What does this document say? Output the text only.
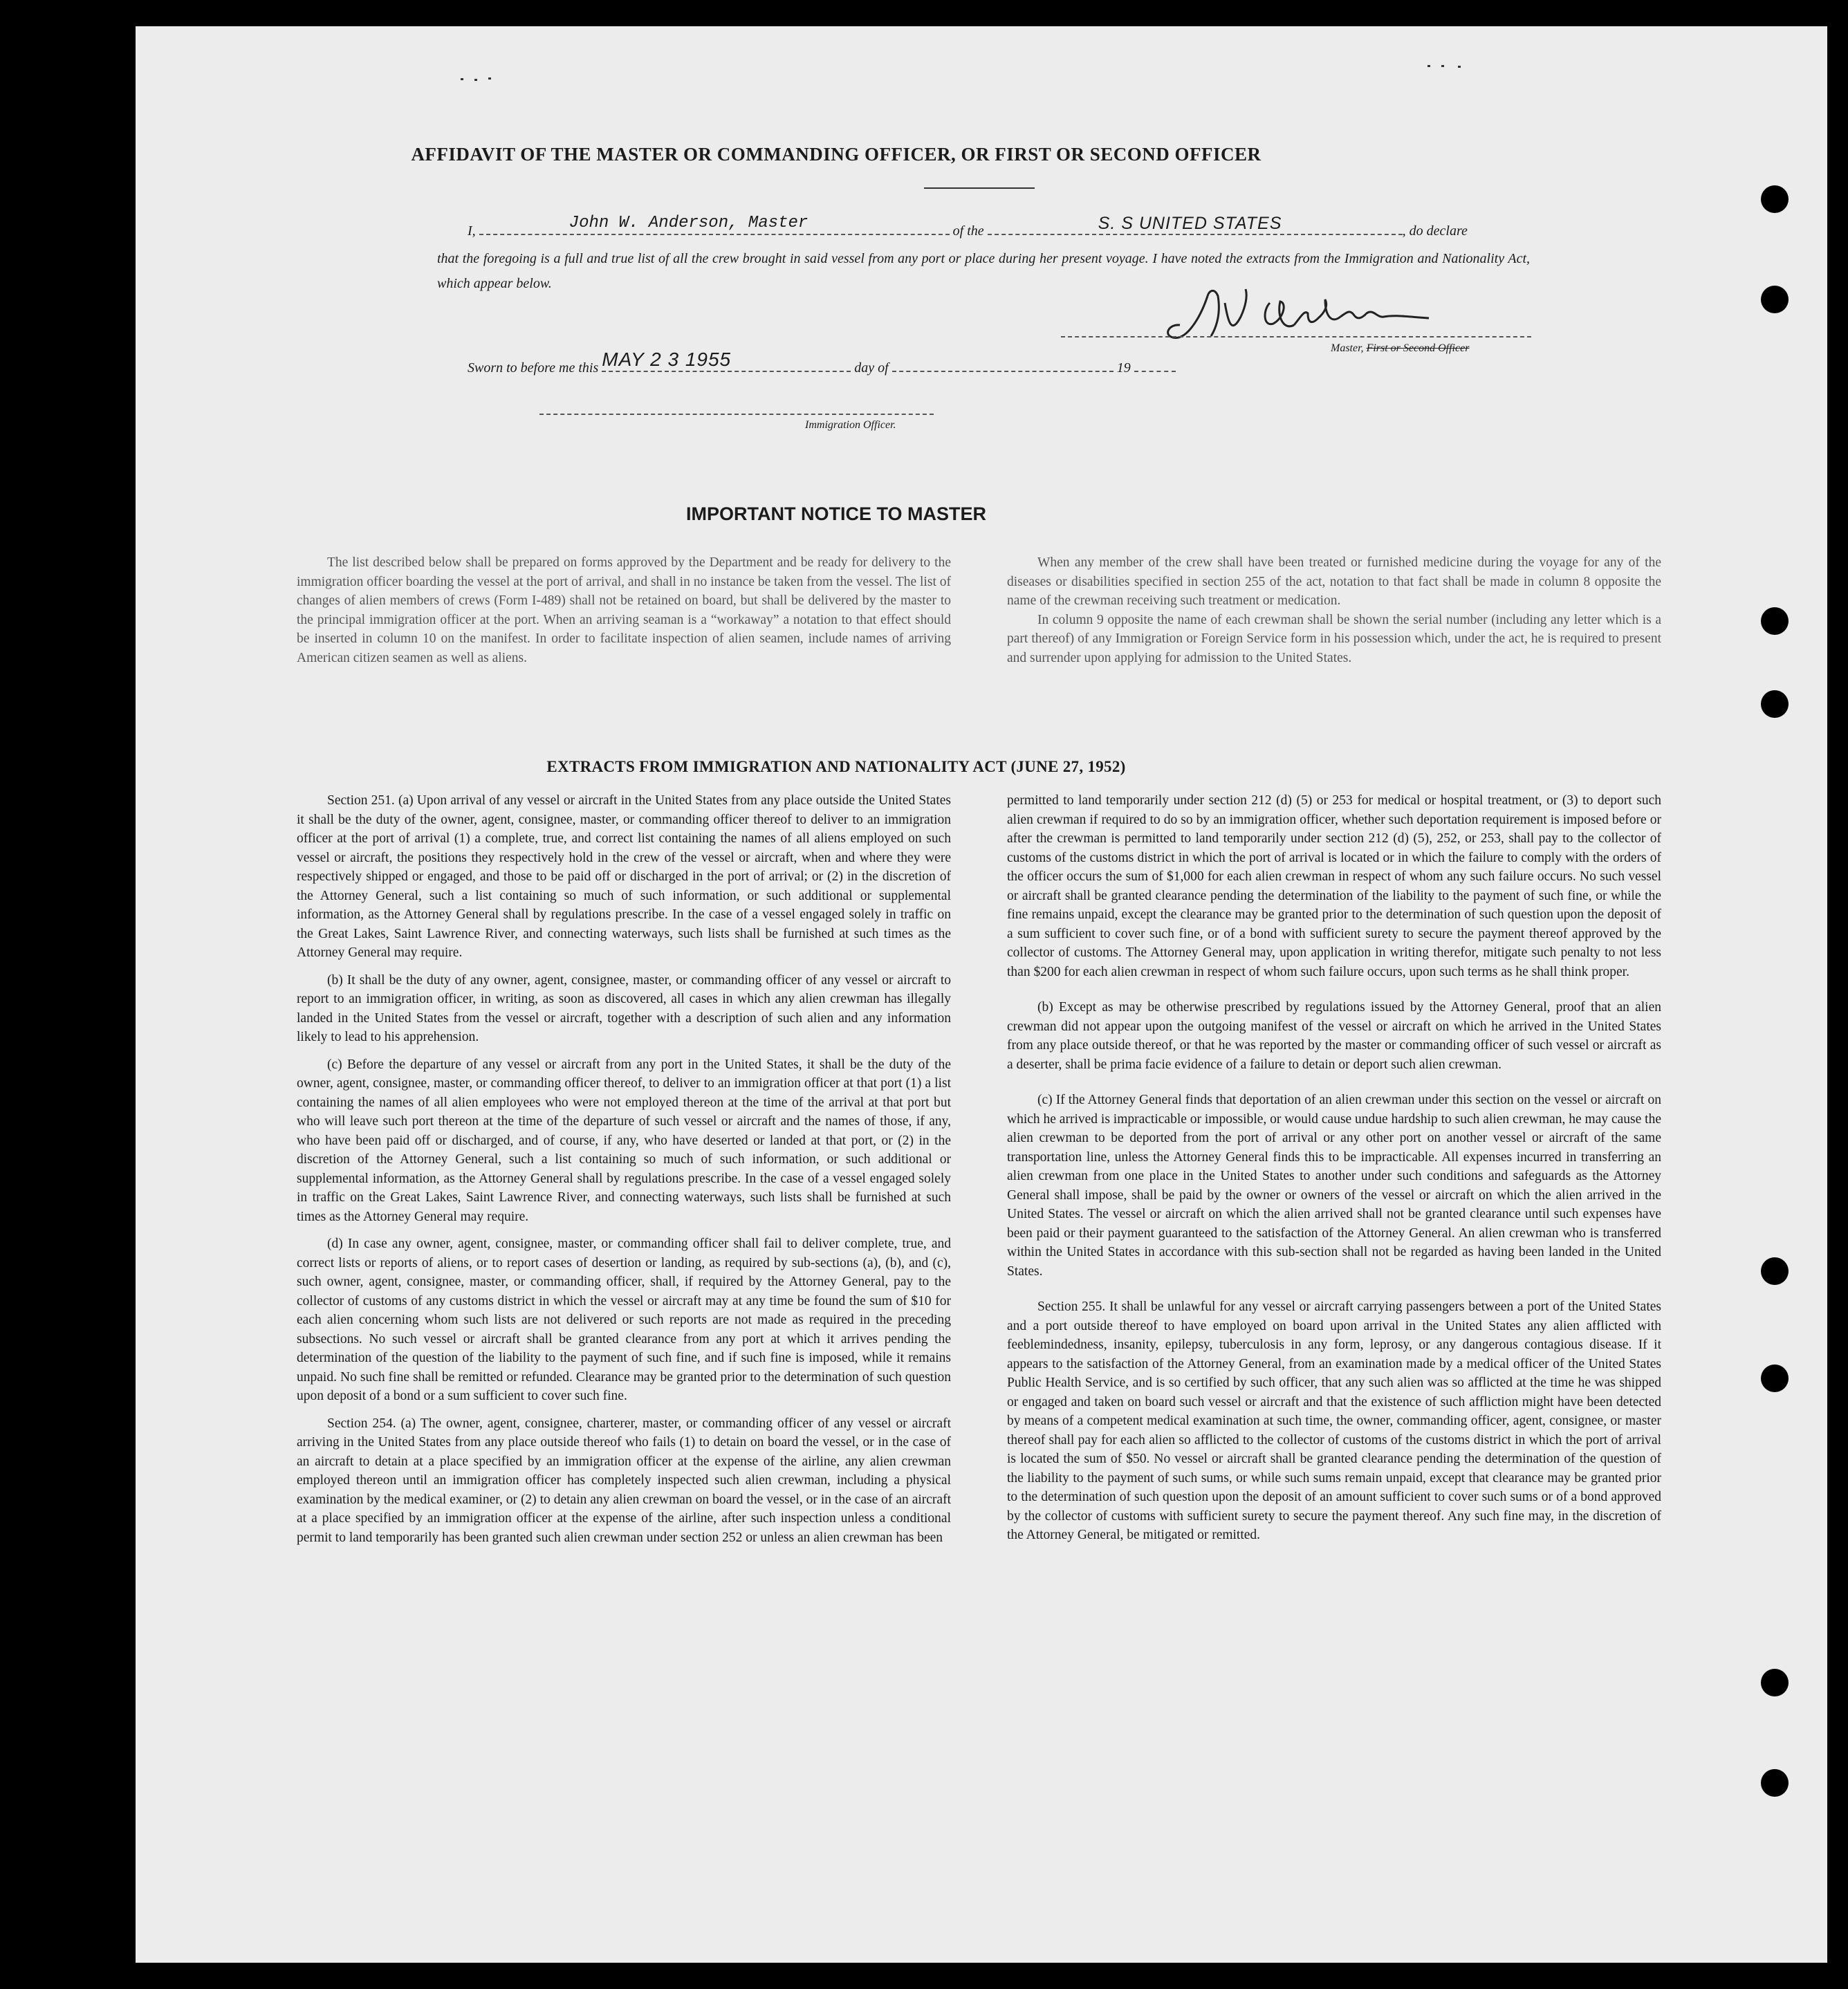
AFFIDAVIT OF THE MASTER OR COMMANDING OFFICER, OR FIRST OR SECOND OFFICER
I,	John W. Anderson, Master	of the	S. S UNITED STATES	, do declare
that the foregoing is a full and true list of all the crew brought in said vessel from any port or place during her present voyage. I have noted the extracts from the Immigration and Nationality Act, which appear below.
Master, First or Second Officer
Sworn to before me this MAY 2 3 1955	day of	19
Immigration Officer.
IMPORTANT NOTICE TO MASTER

The list described below shall be prepared on forms approved by the Department and be ready for delivery to the immigration officer boarding the vessel at the port of arrival, and shall in no instance be taken from the vessel. The list of changes of alien members of crews (Form I-489) shall not be retained on board, but shall be delivered by the master to the principal immigration officer at the port. When an arriving seaman is a “workaway” a notation to that effect should be inserted in column 10 on the manifest. In order to facilitate inspection of alien seamen, include names of arriving American citizen seamen as well as aliens.

When any member of the crew shall have been treated or furnished medicine during the voyage for any of the diseases or disabilities specified in section 255 of the act, notation to that fact shall be made in column 8 opposite the name of the crewman receiving such treatment or medication.

In column 9 opposite the name of each crewman shall be shown the serial number (including any letter which is a part thereof) of any Immigration or Foreign Service form in his possession which, under the act, he is required to present and surrender upon applying for admission to the United States.

EXTRACTS FROM IMMIGRATION AND NATIONALITY ACT (JUNE 27, 1952)

Section 251. (a) Upon arrival of any vessel or aircraft in the United States from any place outside the United States it shall be the duty of the owner, agent, consignee, master, or commanding officer thereof to deliver to an immigration officer at the port of arrival (1) a complete, true, and correct list containing the names of all aliens employed on such vessel or aircraft, the positions they respectively hold in the crew of the vessel or aircraft, when and where they were respectively shipped or engaged, and those to be paid off or discharged in the port of arrival; or (2) in the discretion of the Attorney General, such a list containing so much of such information, or such additional or supplemental information, as the Attorney General shall by regulations prescribe. In the case of a vessel engaged solely in traffic on the Great Lakes, Saint Lawrence River, and connecting waterways, such lists shall be furnished at such times as the Attorney General may require.

(b) It shall be the duty of any owner, agent, consignee, master, or commanding officer of any vessel or aircraft to report to an immigration officer, in writing, as soon as discovered, all cases in which any alien crewman has illegally landed in the United States from the vessel or aircraft, together with a description of such alien and any information likely to lead to his apprehension.

(c) Before the departure of any vessel or aircraft from any port in the United States, it shall be the duty of the owner, agent, consignee, master, or commanding officer thereof, to deliver to an immigration officer at that port (1) a list containing the names of all alien employees who were not employed thereon at the time of the arrival at that port but who will leave such port thereon at the time of the departure of such vessel or aircraft and the names of those, if any, who have been paid off or discharged, and of course, if any, who have deserted or landed at that port, or (2) in the discretion of the Attorney General, such a list containing so much of such information, or such additional or supplemental information, as the Attorney General shall by regulations prescribe. In the case of a vessel engaged solely in traffic on the Great Lakes, Saint Lawrence River, and connecting waterways, such lists shall be furnished at such times as the Attorney General may require.

(d) In case any owner, agent, consignee, master, or commanding officer shall fail to deliver complete, true, and correct lists or reports of aliens, or to report cases of desertion or landing, as required by sub-sections (a), (b), and (c), such owner, agent, consignee, master, or commanding officer, shall, if required by the Attorney General, pay to the collector of customs of any customs district in which the vessel or aircraft may at any time be found the sum of $10 for each alien concerning whom such lists are not delivered or such reports are not made as required in the preceding subsections. No such vessel or aircraft shall be granted clearance from any port at which it arrives pending the determination of the question of the liability to the payment of such fine, and if such fine is imposed, while it remains unpaid. No such fine shall be remitted or refunded. Clearance may be granted prior to the determination of such question upon deposit of a bond or a sum sufficient to cover such fine.

Section 254. (a) The owner, agent, consignee, charterer, master, or commanding officer of any vessel or aircraft arriving in the United States from any place outside thereof who fails (1) to detain on board the vessel, or in the case of an aircraft to detain at a place specified by an immigration officer at the expense of the airline, any alien crewman employed thereon until an immigration officer has completely inspected such alien crewman, including a physical examination by the medical examiner, or (2) to detain any alien crewman on board the vessel, or in the case of an aircraft at a place specified by an immigration officer at the expense of the airline, after such inspection unless a conditional permit to land temporarily has been granted such alien crewman under section 252 or unless an alien crewman has been

permitted to land temporarily under section 212 (d) (5) or 253 for medical or hospital treatment, or (3) to deport such alien crewman if required to do so by an immigration officer, whether such deportation requirement is imposed before or after the crewman is permitted to land temporarily under section 212 (d) (5), 252, or 253, shall pay to the collector of customs of the customs district in which the port of arrival is located or in which the failure to comply with the orders of the officer occurs the sum of $1,000 for each alien crewman in respect of whom any such failure occurs. No such vessel or aircraft shall be granted clearance pending the determination of the liability to the payment of such fine, or while the fine remains unpaid, except the clearance may be granted prior to the determination of such question upon the deposit of a sum sufficient to cover such fine, or of a bond with sufficient surety to secure the payment thereof approved by the collector of customs. The Attorney General may, upon application in writing therefor, mitigate such penalty to not less than $200 for each alien crewman in respect of whom such failure occurs, upon such terms as he shall think proper.

(b) Except as may be otherwise prescribed by regulations issued by the Attorney General, proof that an alien crewman did not appear upon the outgoing manifest of the vessel or aircraft on which he arrived in the United States from any place outside thereof, or that he was reported by the master or commanding officer of such vessel or aircraft as a deserter, shall be prima facie evidence of a failure to detain or deport such alien crewman.

(c) If the Attorney General finds that deportation of an alien crewman under this section on the vessel or aircraft on which he arrived is impracticable or impossible, or would cause undue hardship to such alien crewman, he may cause the alien crewman to be deported from the port of arrival or any other port on another vessel or aircraft of the same transportation line, unless the Attorney General finds this to be impracticable. All expenses incurred in transferring an alien crewman from one place in the United States to another under such conditions and safeguards as the Attorney General shall impose, shall be paid by the owner or owners of the vessel or aircraft on which the alien arrived in the United States. The vessel or aircraft on which the alien arrived shall not be granted clearance until such expenses have been paid or their payment guaranteed to the satisfaction of the Attorney General. An alien crewman who is transferred within the United States in accordance with this sub-section shall not be regarded as having been landed in the United States.

Section 255. It shall be unlawful for any vessel or aircraft carrying passengers between a port of the United States and a port outside thereof to have employed on board upon arrival in the United States any alien afflicted with feeblemindedness, insanity, epilepsy, tuberculosis in any form, leprosy, or any dangerous contagious disease. If it appears to the satisfaction of the Attorney General, from an examination made by a medical officer of the United States Public Health Service, and is so certified by such officer, that any such alien was so afflicted at the time he was shipped or engaged and taken on board such vessel or aircraft and that the existence of such affliction might have been detected by means of a competent medical examination at such time, the owner, commanding officer, agent, consignee, or master thereof shall pay for each alien so afflicted to the collector of customs of the customs district in which the port of arrival is located the sum of $50. No vessel or aircraft shall be granted clearance pending the determination of the question of the liability to the payment of such sums, or while such sums remain unpaid, except that clearance may be granted prior to the determination of such question upon the deposit of an amount sufficient to cover such sums or of a bond approved by the collector of customs with sufficient surety to secure the payment thereof. Any such fine may, in the discretion of the Attorney General, be mitigated or remitted.
